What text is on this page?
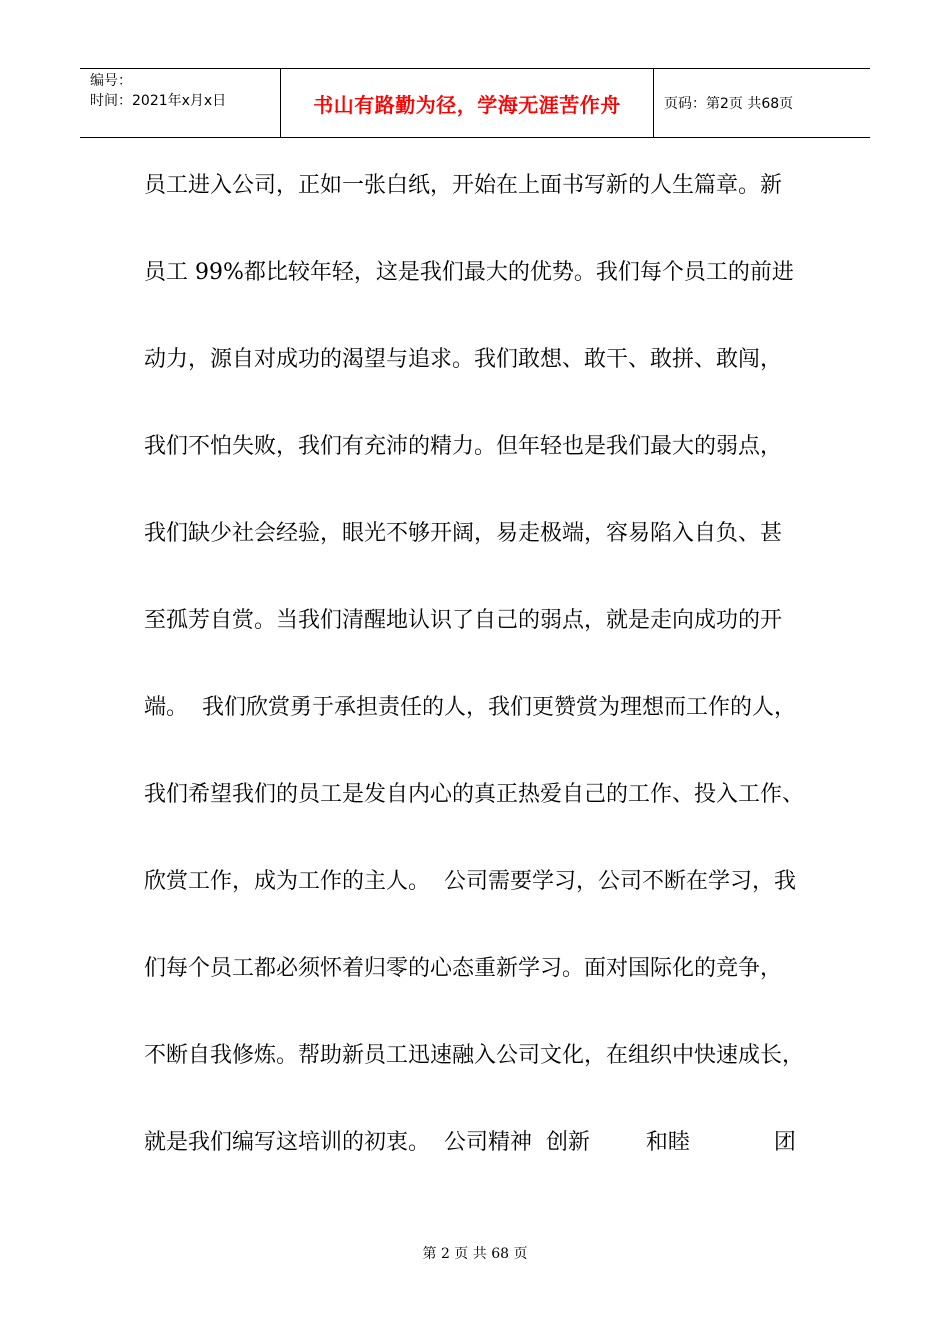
编号：
时间：2021年x月x日	书山有路勤为径，学海无涯苦作舟	页码：第2页 共68页
员工进入公司，正如一张白纸，开始在上面书写新的人生篇章。新
员工 99%都比较年轻，这是我们最大的优势。我们每个员工的前进
动力，源自对成功的渴望与追求。我们敢想、敢干、敢拼、敢闯，
我们不怕失败，我们有充沛的精力。但年轻也是我们最大的弱点，
我们缺少社会经验，眼光不够开阔，易走极端，容易陷入自负、甚
至孤芳自赏。当我们清醒地认识了自己的弱点，就是走向成功的开
端。  我们欣赏勇于承担责任的人，我们更赞赏为理想而工作的人，
我们希望我们的员工是发自内心的真正热爱自己的工作、投入工作、
欣赏工作，成为工作的主人。  公司需要学习，公司不断在学习，我
们每个员工都必须怀着归零的心态重新学习。面对国际化的竞争，
不断自我修炼。帮助新员工迅速融入公司文化，在组织中快速成长，
就是我们编写这培训的初衷。  公司精神  创新        和睦            团
第 2 页 共 68 页
